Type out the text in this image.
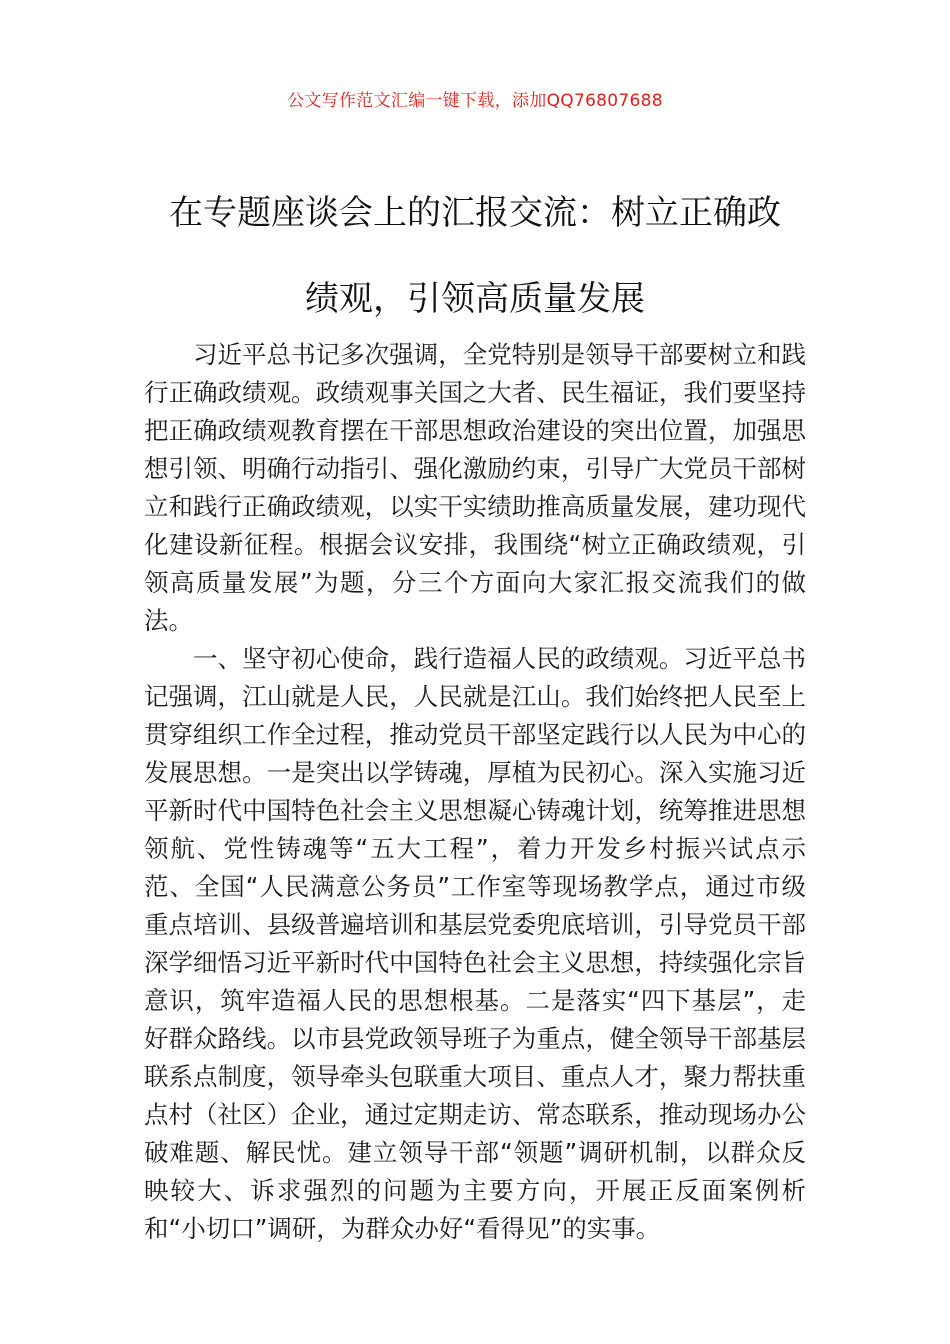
公文写作范文汇编一键下载，添加QQ76807688
在专题座谈会上的汇报交流：树立正确政
绩观，引领高质量发展

习近平总书记多次强调，全党特别是领导干部要树立和践行正确政绩观。政绩观事关国之大者、民生福证，我们要坚持把正确政绩观教育摆在干部思想政治建设的突出位置，加强思想引领、明确行动指引、强化激励约束，引导广大党员干部树立和践行正确政绩观，以实干实绩助推高质量发展，建功现代化建设新征程。根据会议安排，我围绕“树立正确政绩观，引领高质量发展”为题，分三个方面向大家汇报交流我们的做法。

一、坚守初心使命，践行造福人民的政绩观。习近平总书记强调，江山就是人民，人民就是江山。我们始终把人民至上贯穿组织工作全过程，推动党员干部坚定践行以人民为中心的发展思想。一是突出以学铸魂，厚植为民初心。深入实施习近平新时代中国特色社会主义思想凝心铸魂计划，统筹推进思想领航、党性铸魂等“五大工程”，着力开发乡村振兴试点示范、全国“人民满意公务员”工作室等现场教学点，通过市级重点培训、县级普遍培训和基层党委兜底培训，引导党员干部深学细悟习近平新时代中国特色社会主义思想，持续强化宗旨意识，筑牢造福人民的思想根基。二是落实“四下基层”，走好群众路线。以市县党政领导班子为重点，健全领导干部基层联系点制度，领导牵头包联重大项目、重点人才，聚力帮扶重点村（社区）企业，通过定期走访、常态联系，推动现场办公破难题、解民忧。建立领导干部“领题”调研机制，以群众反映较大、诉求强烈的问题为主要方向，开展正反面案例析和“小切口”调研，为群众办好“看得见”的实事。
